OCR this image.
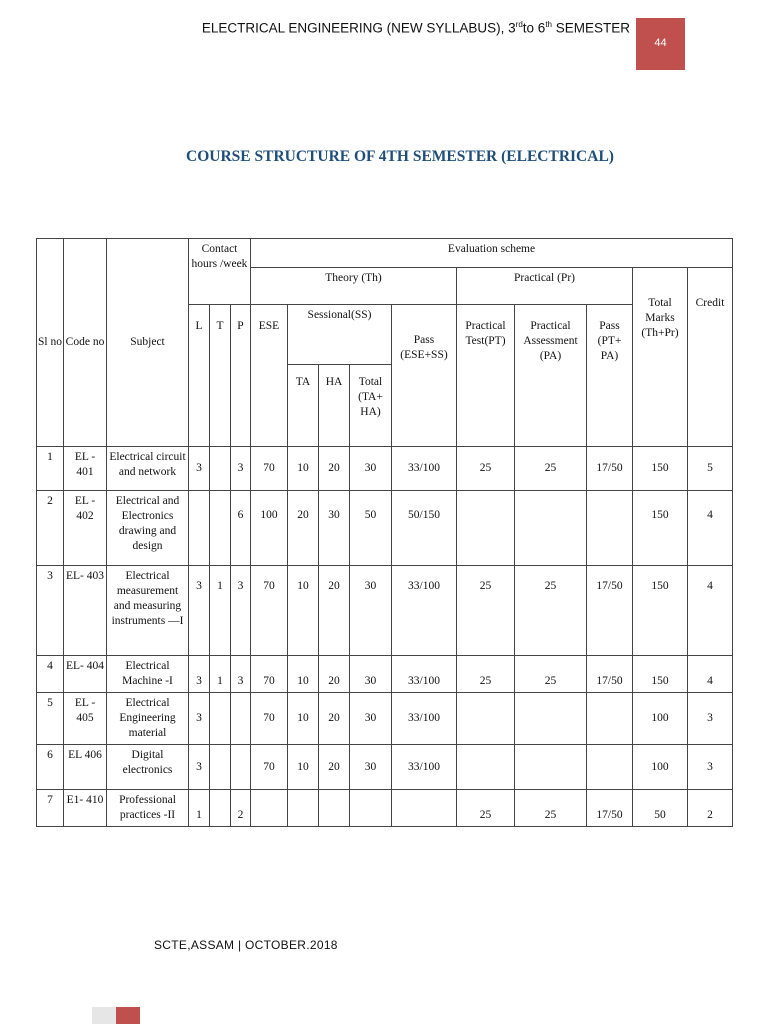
ELECTRICAL ENGINEERING (NEW SYLLABUS), 3rdto 6th SEMESTER
44
COURSE STRUCTURE OF 4TH SEMESTER (ELECTRICAL)
Sl no	Code no	Subject	Contact hours /week			Evaluation scheme									
						Theory (Th)					Practical (Pr)			Total Marks (Th+Pr)	Credit
			L	T	P	ESE	Sessional(SS)			Pass (ESE+SS)	Practical Test(PT)	Practical Assessment (PA)	Pass (PT+ PA)		
							TA	HA	Total (TA+ HA)						
1	EL - 401	Electrical circuit and network	3		3	70	10	20	30	33/100	25	25	17/50	150	5
2	EL - 402	Electrical and Electronics drawing and design			6	100	20	30	50	50/150				150	4
3	EL- 403	Electrical measurement and measuring instruments —I	3	1	3	70	10	20	30	33/100	25	25	17/50	150	4
4	EL- 404	Electrical Machine -I	3	1	3	70	10	20	30	33/100	25	25	17/50	150	4
5	EL - 405	Electrical Engineering material	3			70	10	20	30	33/100				100	3
6	EL 406	Digital electronics	3			70	10	20	30	33/100				100	3
7	E1- 410	Professional practices -II	1		2						25	25	17/50	50	2
SCTE,ASSAM | OCTOBER.2018
